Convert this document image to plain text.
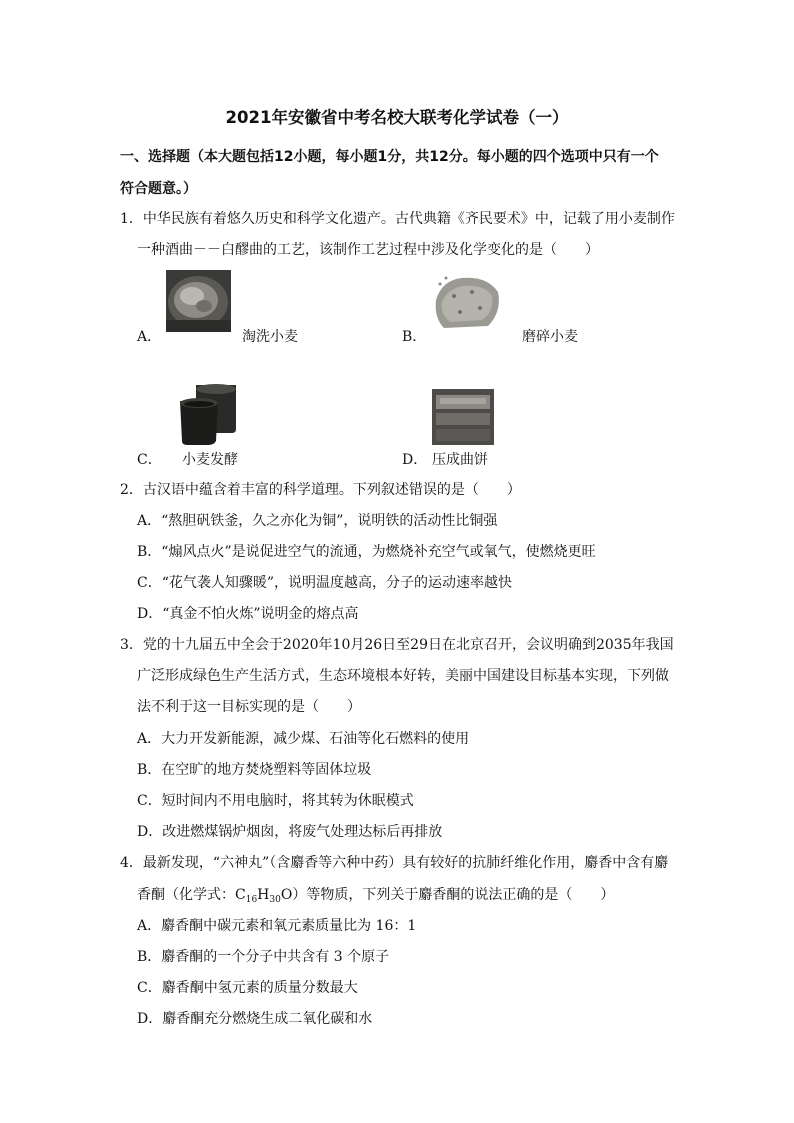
2021年安徽省中考名校大联考化学试卷（一）
一、选择题（本大题包括12小题，每小题1分，共12分。每小题的四个选项中只有一个
符合题意。）
1．中华民族有着悠久历史和科学文化遗产。古代典籍《齐民要术》中，记载了用小麦制作
一种酒曲－－白醪曲的工艺，该制作工艺过程中涉及化学变化的是（　　）
A．	淘洗小麦	B．	磨碎小麦
C． 小麦发酵	D． 压成曲饼
2．古汉语中蕴含着丰富的科学道理。下列叙述错误的是（　　）
A．“熬胆矾铁釜，久之亦化为铜”，说明铁的活动性比铜强
B．“煽风点火”是说促进空气的流通，为燃烧补充空气或氧气，使燃烧更旺
C．“花气袭人知骤暖”，说明温度越高，分子的运动速率越快
D．“真金不怕火炼”说明金的熔点高
3．党的十九届五中全会于2020年10月26日至29日在北京召开，会议明确到2035年我国
广泛形成绿色生产生活方式，生态环境根本好转，美丽中国建设目标基本实现，下列做
法不利于这一目标实现的是（　　）
A．大力开发新能源，减少煤、石油等化石燃料的使用
B．在空旷的地方焚烧塑料等固体垃圾
C．短时间内不用电脑时，将其转为休眠模式
D．改进燃煤锅炉烟囱，将废气处理达标后再排放
4．最新发现，“六神丸”（含麝香等六种中药）具有较好的抗肺纤维化作用，麝香中含有麝
香酮（化学式：$C_{16}H_{30}O$）等物质，下列关于麝香酮的说法正确的是（　　）
A．麝香酮中碳元素和氧元素质量比为 16：1
B．麝香酮的一个分子中共含有 3 个原子
C．麝香酮中氢元素的质量分数最大
D．麝香酮充分燃烧生成二氧化碳和水
